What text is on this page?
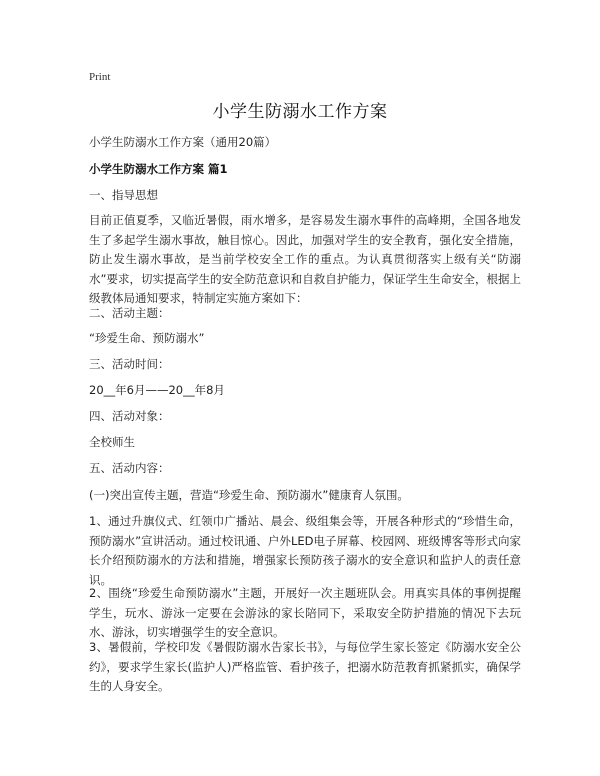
Print
小学生防溺水工作方案
小学生防溺水工作方案（通用20篇）
小学生防溺水工作方案 篇1
一、指导思想
目前正值夏季，又临近暑假，雨水增多，是容易发生溺水事件的高峰期，全国各地发生了多起学生溺水事故，触目惊心。因此，加强对学生的安全教育，强化安全措施，防止发生溺水事故，是当前学校安全工作的重点。为认真贯彻落实上级有关“防溺水”要求，切实提高学生的安全防范意识和自救自护能力，保证学生生命安全，根据上级教体局通知要求，特制定实施方案如下：
二、活动主题：
“珍爱生命、预防溺水”
三、活动时间：
20__年6月——20__年8月
四、活动对象：
全校师生
五、活动内容：
(一)突出宣传主题，营造“珍爱生命、预防溺水”健康育人氛围。
1、通过升旗仪式、红领巾广播站、晨会、级组集会等，开展各种形式的“珍惜生命，预防溺水”宣讲活动。通过校讯通、户外LED电子屏幕、校园网、班级博客等形式向家长介绍预防溺水的方法和措施，增强家长预防孩子溺水的安全意识和监护人的责任意识。
2、围绕“珍爱生命预防溺水”主题，开展好一次主题班队会。用真实具体的事例提醒学生，玩水、游泳一定要在会游泳的家长陪同下，采取安全防护措施的情况下去玩水、游泳，切实增强学生的安全意识。
3、暑假前，学校印发《暑假防溺水告家长书》，与每位学生家长签定《防溺水安全公约》，要求学生家长(监护人)严格监管、看护孩子，把溺水防范教育抓紧抓实，确保学生的人身安全。
